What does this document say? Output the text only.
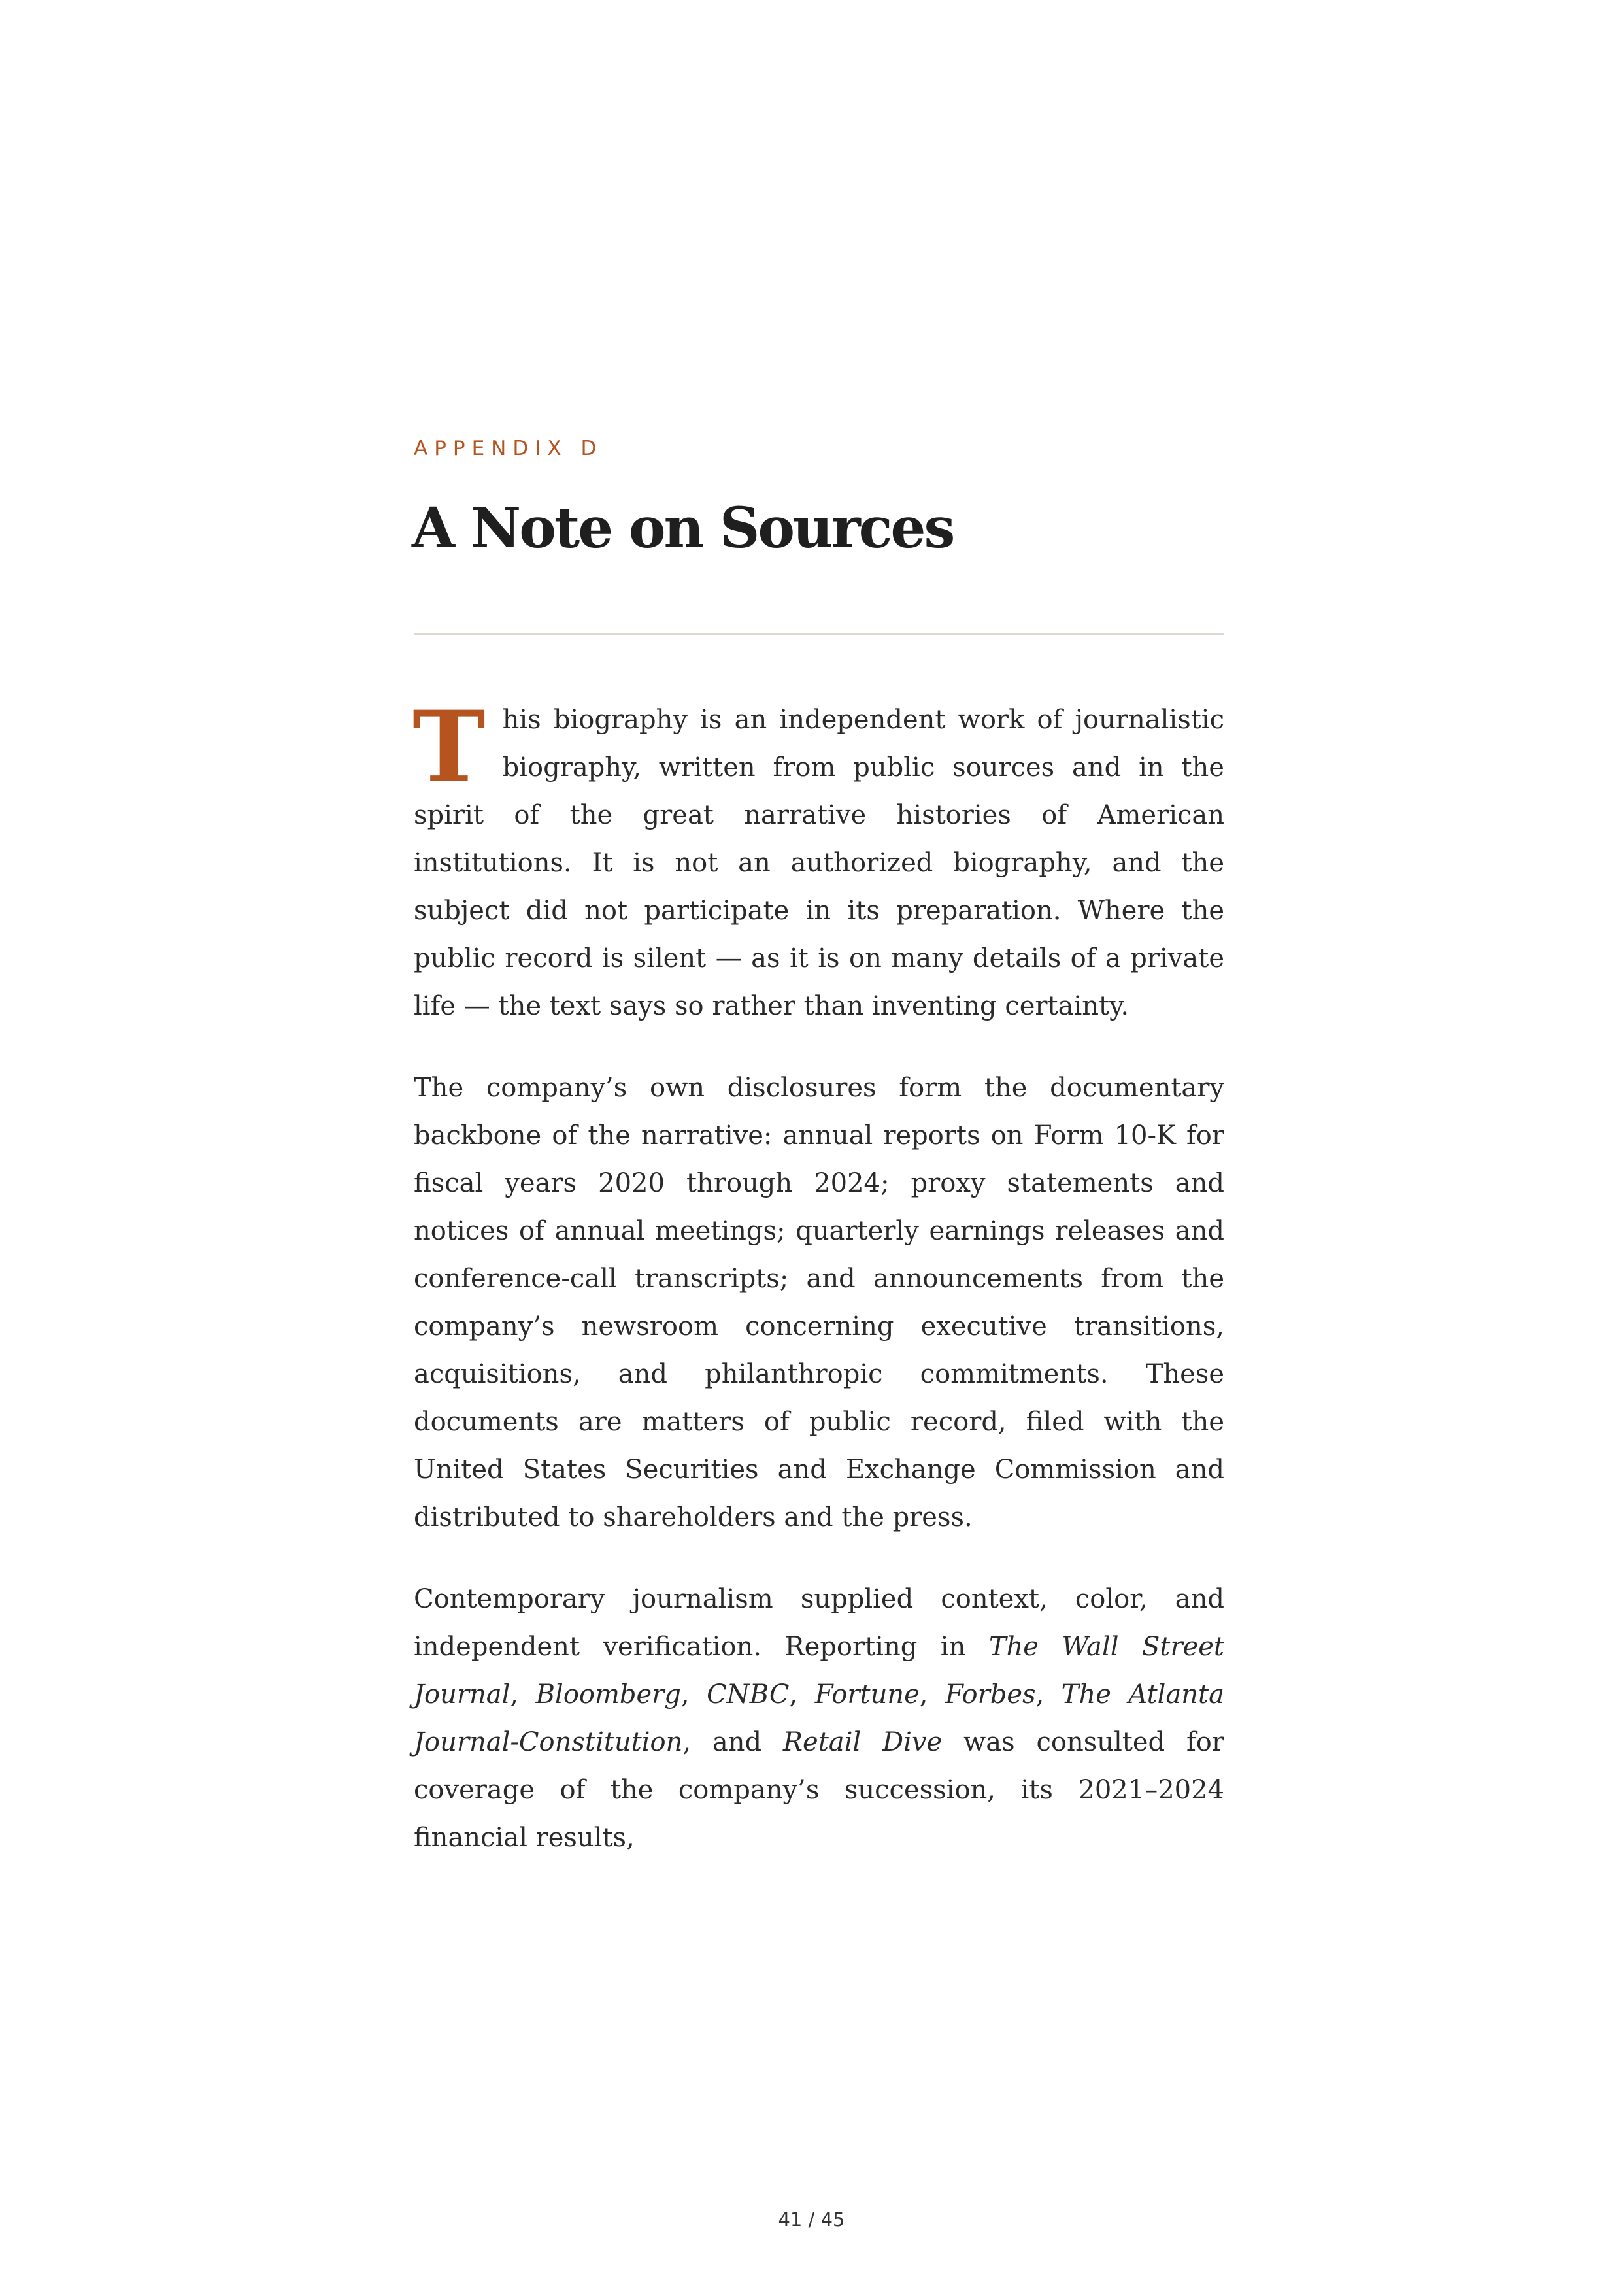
APPENDIX D
A Note on Sources

This biography is an independent work of journalistic biography, written from public sources and in the spirit of the great narrative histories of American institutions. It is not an authorized biography, and the subject did not participate in its preparation. Where the public record is silent — as it is on many details of a private life — the text says so rather than inventing certainty.

The company’s own disclosures form the documentary backbone of the narrative: annual reports on Form 10-K for fiscal years 2020 through 2024; proxy statements and notices of annual meetings; quarterly earnings releases and conference-call transcripts; and announcements from the company’s newsroom concerning executive transitions, acquisitions, and philanthropic commitments. These documents are matters of public record, filed with the United States Securities and Exchange Commission and distributed to shareholders and the press.

Contemporary journalism supplied context, color, and independent verification. Reporting in The Wall Street Journal, Bloomberg, CNBC, Fortune, Forbes, The Atlanta Journal-Constitution, and Retail Dive was consulted for coverage of the company’s succession, its 2021–2024 financial results,

41 / 45
